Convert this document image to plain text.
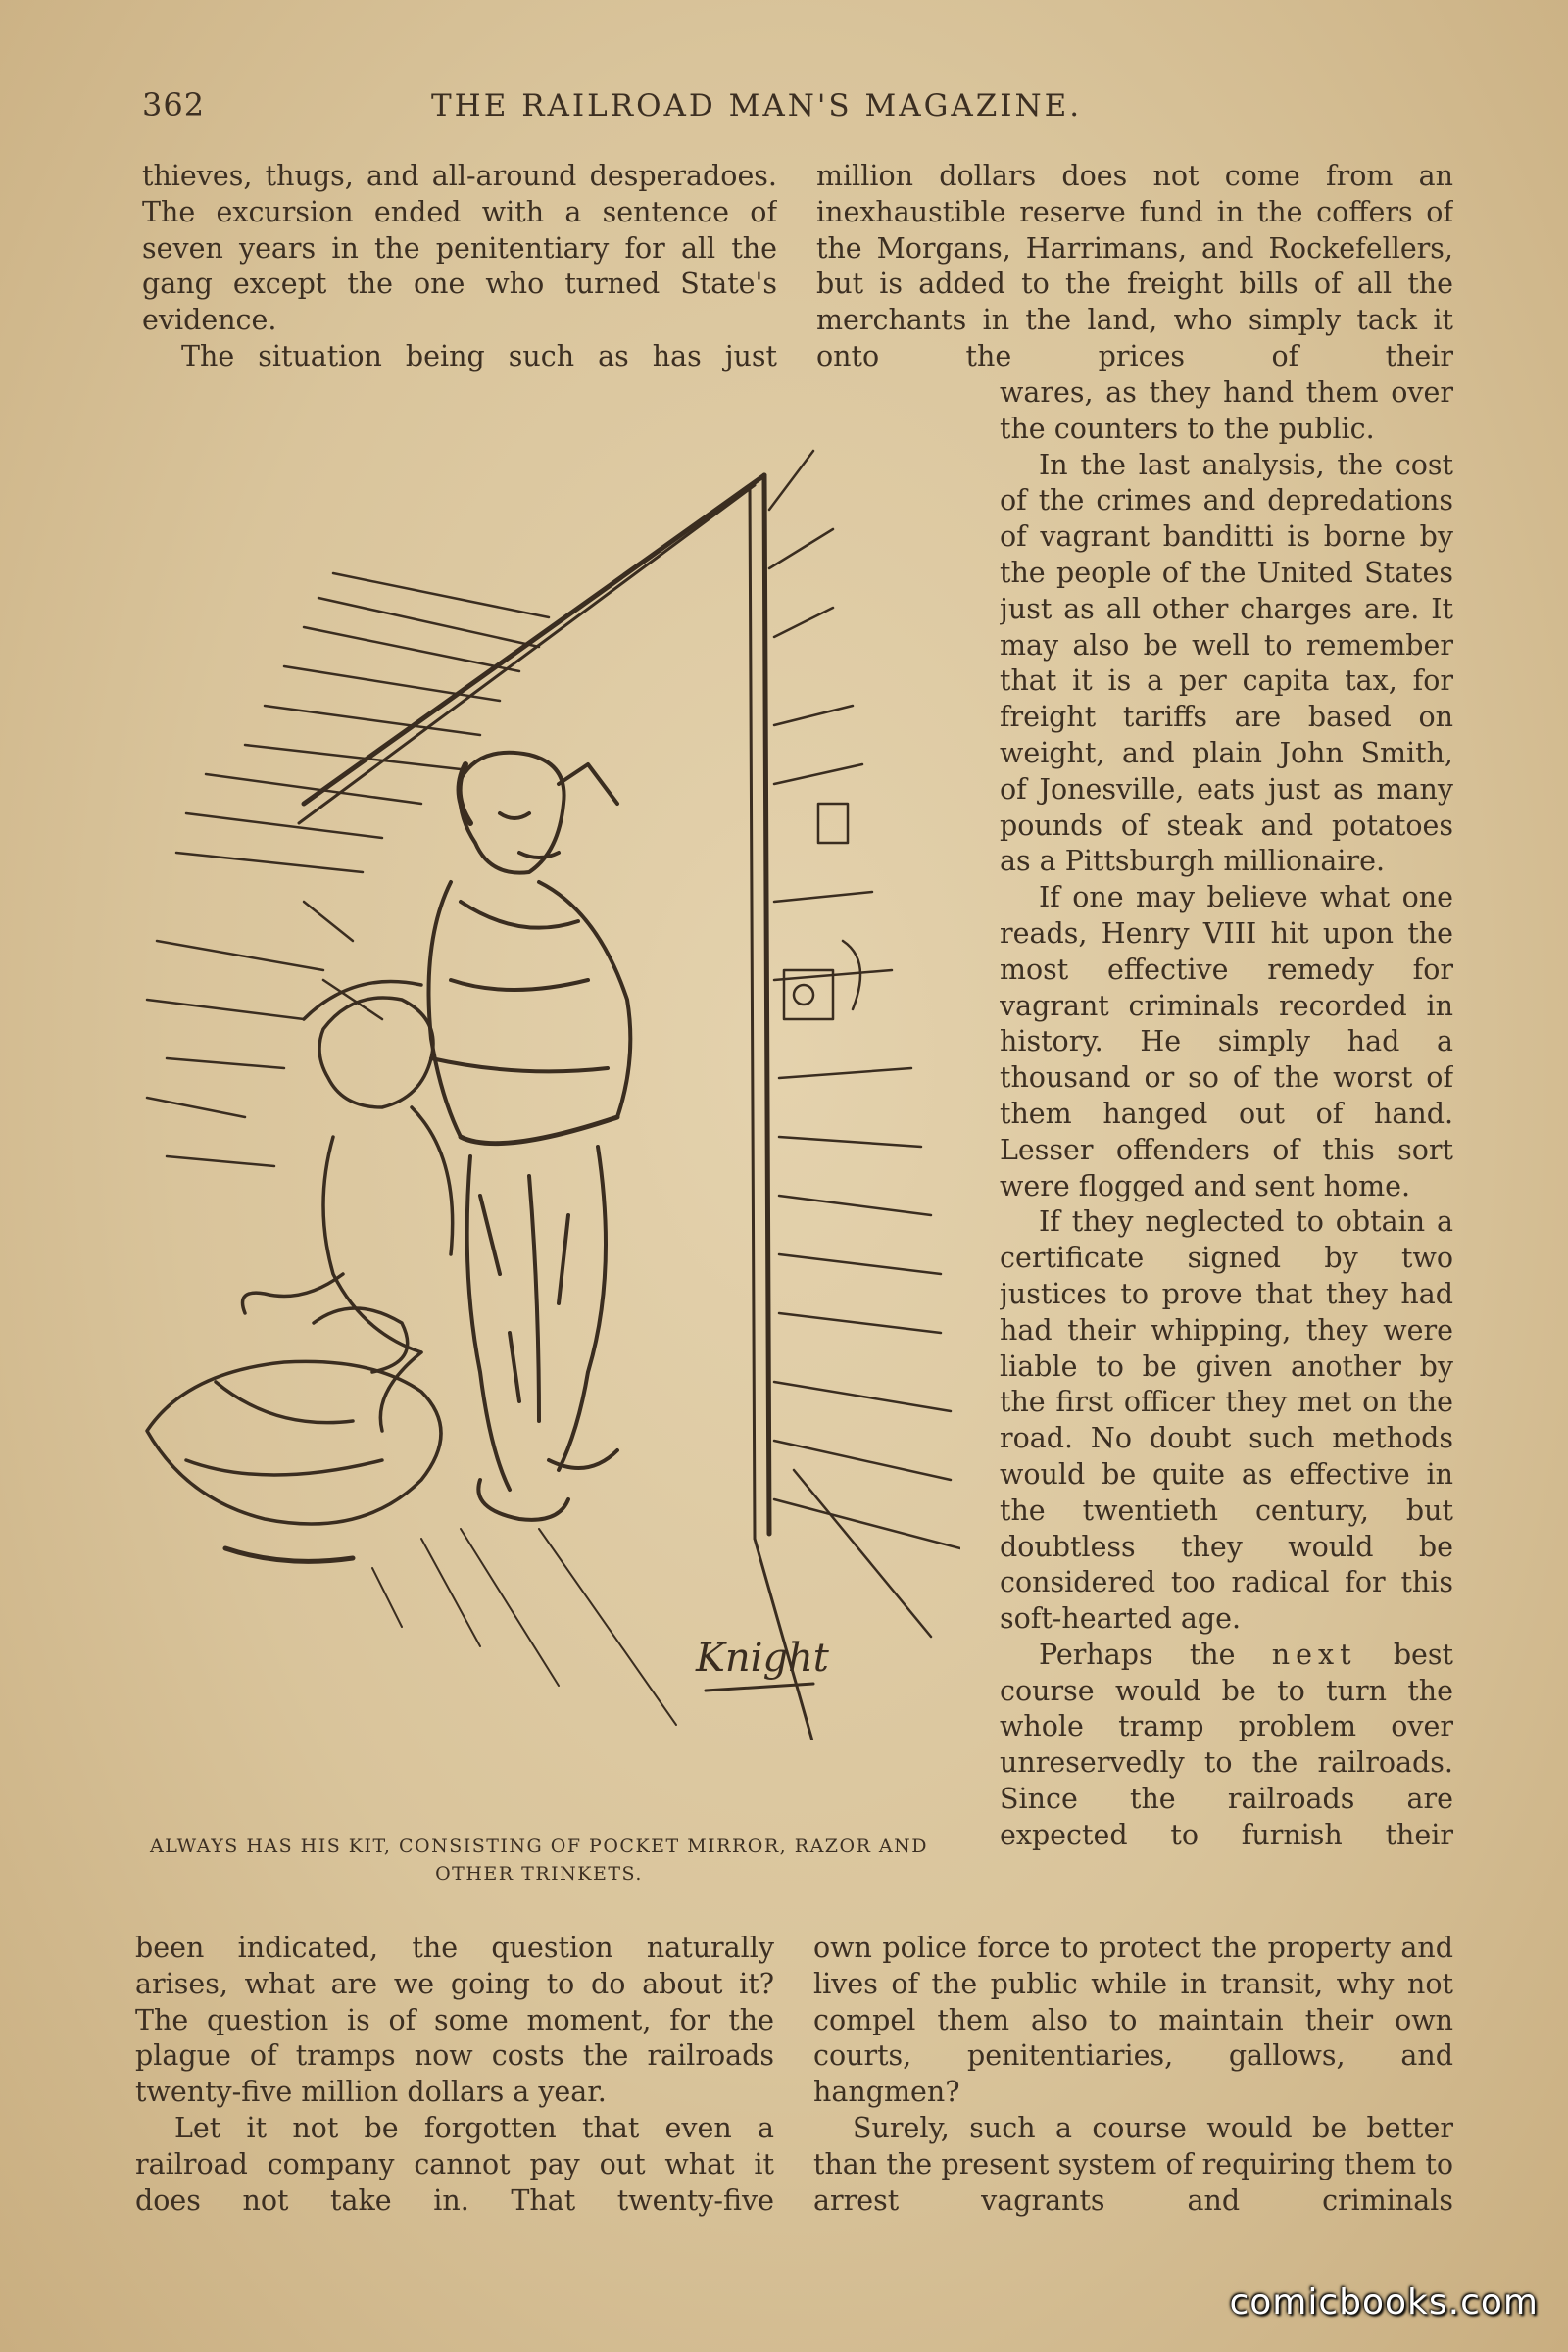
362	THE RAILROAD MAN'S MAGAZINE.

thieves, thugs, and all-around desperadoes. The excursion ended with a sentence of seven years in the penitentiary for all the gang except the one who turned State's evidence.

The situation being such as has just

million dollars does not come from an inexhaustible reserve fund in the coffers of the Morgans, Harrimans, and Rockefellers, but is added to the freight bills of all the merchants in the land, who simply tack it onto the prices of their

wares, as they hand them over the counters to the public.

In the last analysis, the cost of the crimes and depredations of vagrant banditti is borne by the people of the United States just as all other charges are. It may also be well to remember that it is a per capita tax, for freight tariffs are based on weight, and plain John Smith, of Jonesville, eats just as many pounds of steak and potatoes as a Pittsburgh millionaire.

If one may believe what one reads, Henry VIII hit upon the most effective remedy for vagrant criminals recorded in history. He simply had a thousand or so of the worst of them hanged out of hand. Lesser offenders of this sort were flogged and sent home.

If they neglected to obtain a certificate signed by two justices to prove that they had had their whipping, they were liable to be given another by the first officer they met on the road. No doubt such methods would be quite as effective in the twentieth century, but doubtless they would be considered too radical for this soft-hearted age.

Perhaps the next best course would be to turn the whole tramp problem over unreservedly to the railroads. Since the railroads are expected to furnish their

Knight
ALWAYS HAS HIS KIT, CONSISTING OF POCKET MIRROR, RAZOR AND OTHER TRINKETS.

been indicated, the question naturally arises, what are we going to do about it? The question is of some moment, for the plague of tramps now costs the railroads twenty-five million dollars a year.

Let it not be forgotten that even a railroad company cannot pay out what it does not take in. That twenty-five

own police force to protect the property and lives of the public while in transit, why not compel them also to maintain their own courts, penitentiaries, gallows, and hangmen?

Surely, such a course would be better than the present system of requiring them to arrest vagrants and criminals

comicbooks.com
